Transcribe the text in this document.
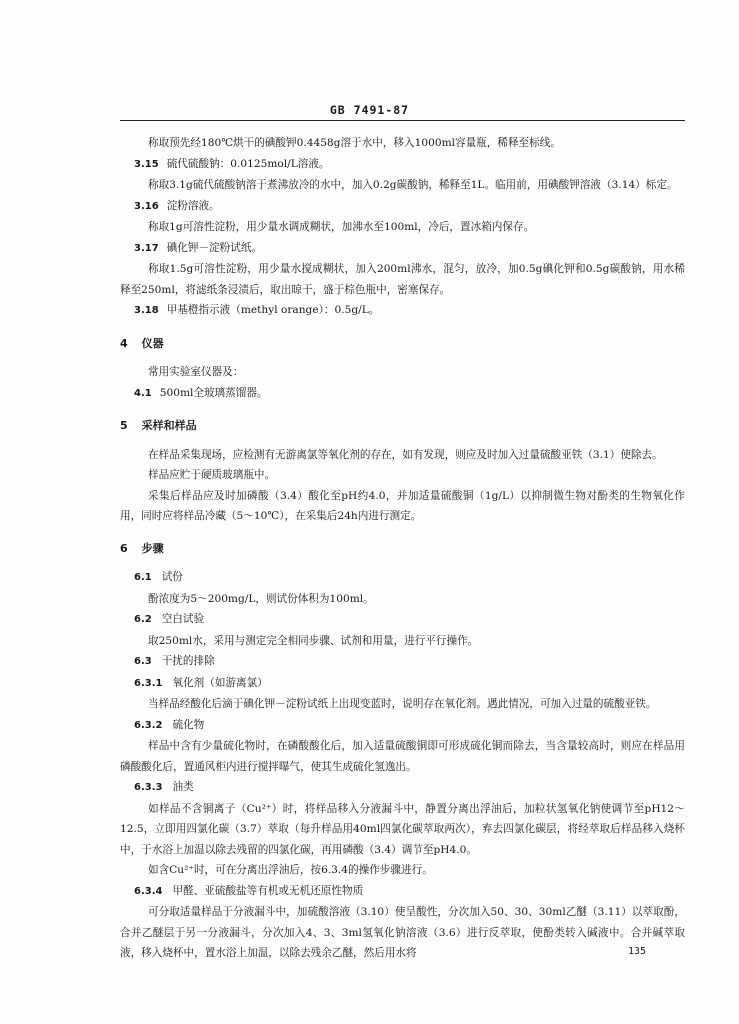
GB 7491-87
称取预先经180℃烘干的碘酸钾0.4458g溶于水中，移入1000ml容量瓶，稀释至标线。
3.15 硫代硫酸钠：0.0125mol/L溶液。
称取3.1g硫代硫酸钠溶于煮沸放冷的水中，加入0.2g碳酸钠，稀释至1L。临用前，用碘酸钾溶液（3.14）标定。
3.16 淀粉溶液。
称取1g可溶性淀粉，用少量水调成糊状，加沸水至100ml，冷后，置冰箱内保存。
3.17 碘化钾－淀粉试纸。
称取1.5g可溶性淀粉，用少量水搅成糊状，加入200ml沸水，混匀，放冷，加0.5g碘化钾和0.5g碳酸钠，用水稀释至250ml，将滤纸条浸渍后，取出晾干，盛于棕色瓶中，密塞保存。
3.18 甲基橙指示液（methyl orange）：0.5g/L。
4 仪器
常用实验室仪器及：
4.1 500ml全玻璃蒸馏器。
5 采样和样品
在样品采集现场，应检测有无游离氯等氧化剂的存在，如有发现，则应及时加入过量硫酸亚铁（3.1）使除去。
样品应贮于硬质玻璃瓶中。
采集后样品应及时加磷酸（3.4）酸化至pH约4.0，并加适量硫酸铜（1g/L）以抑制微生物对酚类的生物氧化作用，同时应将样品冷藏（5～10℃），在采集后24h内进行测定。
6 步骤
6.1 试份
酚浓度为5～200mg/L，则试份体积为100ml。
6.2 空白试验
取250ml水，采用与测定完全相同步骤、试剂和用量，进行平行操作。
6.3 干扰的排除
6.3.1 氧化剂（如游离氯）
当样品经酸化后滴于碘化钾－淀粉试纸上出现变蓝时，说明存在氧化剂。遇此情况，可加入过量的硫酸亚铁。
6.3.2 硫化物
样品中含有少量硫化物时，在磷酸酸化后，加入适量硫酸铜即可形成硫化铜而除去，当含量较高时，则应在样品用磷酸酸化后，置通风柜内进行搅拌曝气，使其生成硫化氢逸出。
6.3.3 油类
如样品不含铜离子（Cu²⁺）时，将样品移入分液漏斗中，静置分离出浮油后，加粒状氢氧化钠使调节至pH12～12.5，立即用四氯化碳（3.7）萃取（每升样品用40ml四氯化碳萃取两次），弃去四氯化碳层，将经萃取后样品移入烧杯中，于水浴上加温以除去残留的四氯化碳，再用磷酸（3.4）调节至pH4.0。
如含Cu²⁺时，可在分离出浮油后，按6.3.4的操作步骤进行。
6.3.4 甲醛、亚硫酸盐等有机或无机还原性物质
可分取适量样品于分液漏斗中，加硫酸溶液（3.10）使呈酸性，分次加入50、30、30ml乙醚（3.11）以萃取酚，合并乙醚层于另一分液漏斗，分次加入4、3、3ml氢氧化钠溶液（3.6）进行反萃取，使酚类转入碱液中。合并碱萃取液，移入烧杯中，置水浴上加温，以除去残余乙醚，然后用水将	135
